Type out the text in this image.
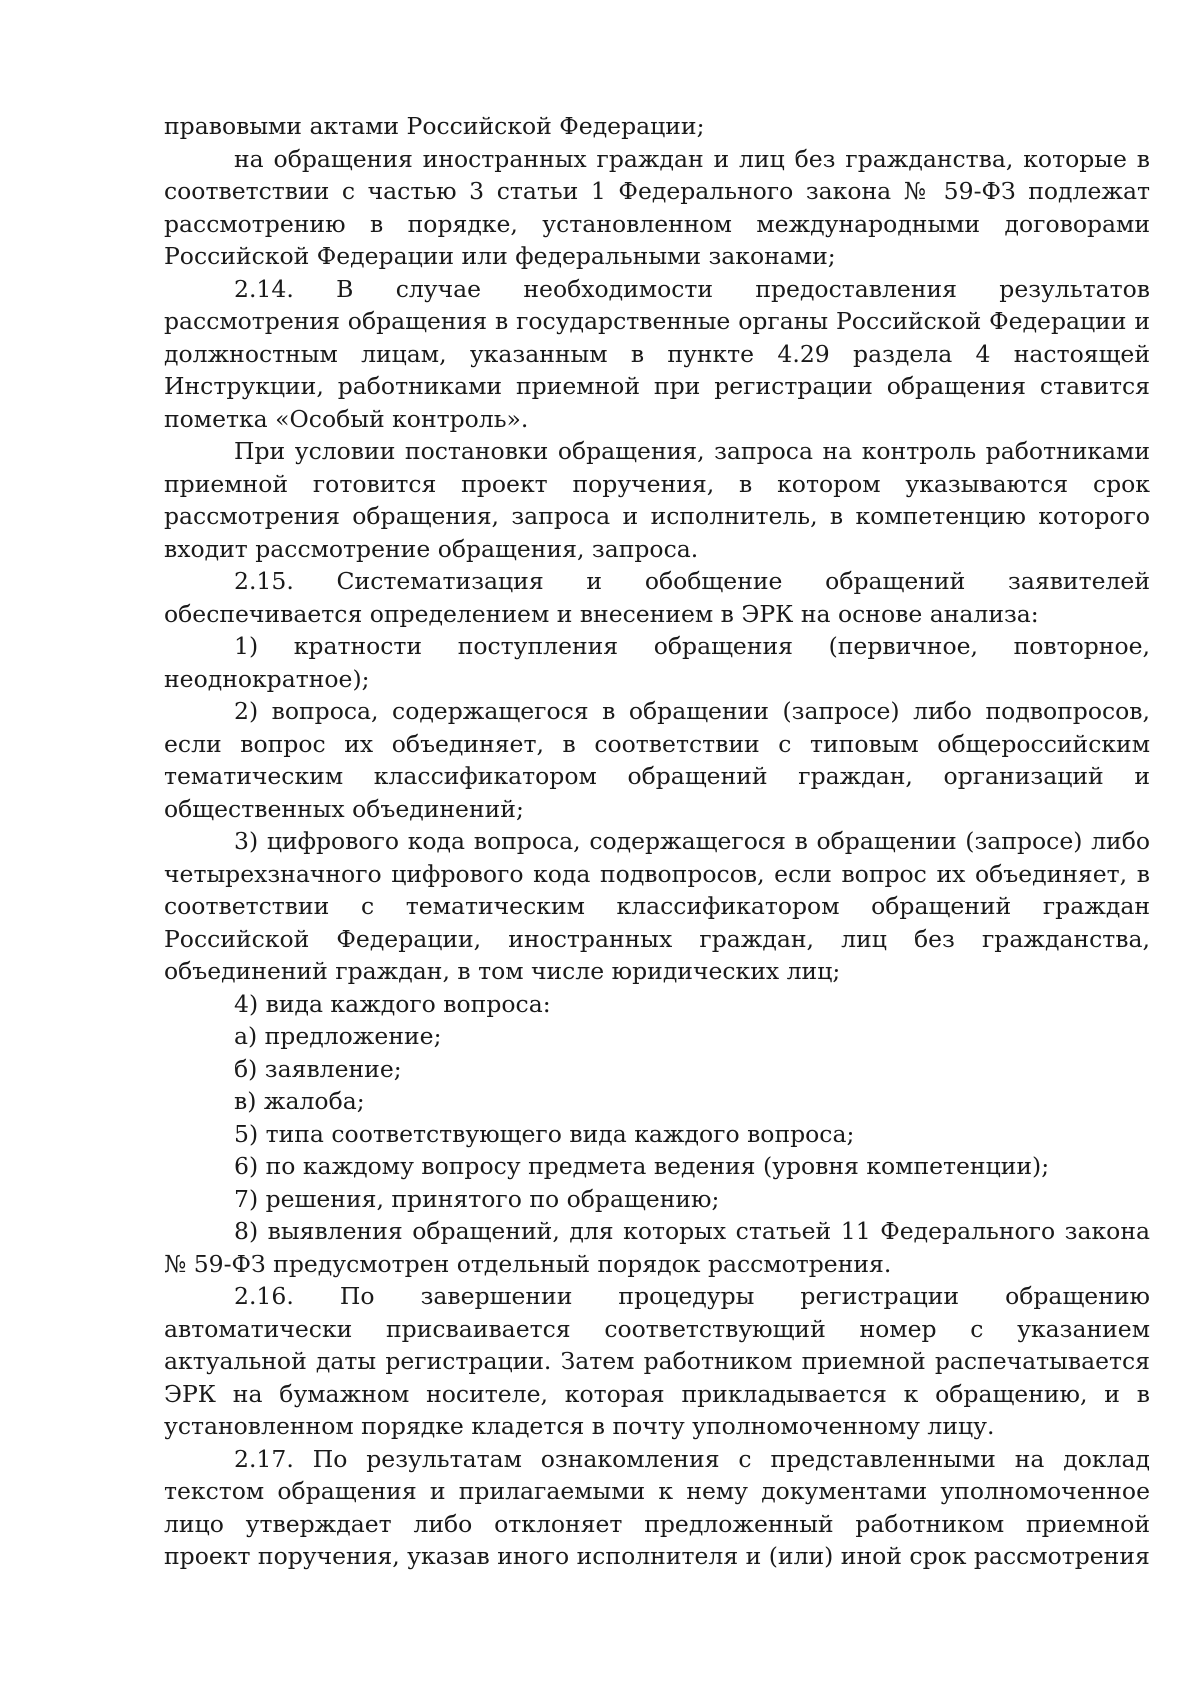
правовыми актами Российской Федерации;

на обращения иностранных граждан и лиц без гражданства, которые в соответствии с частью 3 статьи 1 Федерального закона № 59-ФЗ подлежат рассмотрению в порядке, установленном международными договорами Российской Федерации или федеральными законами;

2.14. В случае необходимости предоставления результатов рассмотрения обращения в государственные органы Российской Федерации и должностным лицам, указанным в пункте 4.29 раздела 4 настоящей Инструкции, работниками приемной при регистрации обращения ставится пометка «Особый контроль».

При условии постановки обращения, запроса на контроль работниками приемной готовится проект поручения, в котором указываются срок рассмотрения обращения, запроса и исполнитель, в компетенцию которого входит рассмотрение обращения, запроса.

2.15. Систематизация и обобщение обращений заявителей обеспечивается определением и внесением в ЭРК на основе анализа:

1) кратности поступления обращения (первичное, повторное, неоднократное);

2) вопроса, содержащегося в обращении (запросе) либо подвопросов, если вопрос их объединяет, в соответствии с типовым общероссийским тематическим классификатором обращений граждан, организаций и общественных объединений;

3) цифрового кода вопроса, содержащегося в обращении (запросе) либо четырехзначного цифрового кода подвопросов, если вопрос их объединяет, в соответствии с тематическим классификатором обращений граждан Российской Федерации, иностранных граждан, лиц без гражданства, объединений граждан, в том числе юридических лиц;

4) вида каждого вопроса:

а) предложение;

б) заявление;

в) жалоба;

5) типа соответствующего вида каждого вопроса;

6) по каждому вопросу предмета ведения (уровня компетенции);

7) решения, принятого по обращению;

8) выявления обращений, для которых статьей 11 Федерального закона № 59-ФЗ предусмотрен отдельный порядок рассмотрения.

2.16. По завершении процедуры регистрации обращению автоматически присваивается соответствующий номер с указанием актуальной даты регистрации. Затем работником приемной распечатывается ЭРК на бумажном носителе, которая прикладывается к обращению, и в установленном порядке кладется в почту уполномоченному лицу.

2.17. По результатам ознакомления с представленными на доклад текстом обращения и прилагаемыми к нему документами уполномоченное лицо утверждает либо отклоняет предложенный работником приемной проект поручения, указав иного исполнителя и (или) иной срок рассмотрения
